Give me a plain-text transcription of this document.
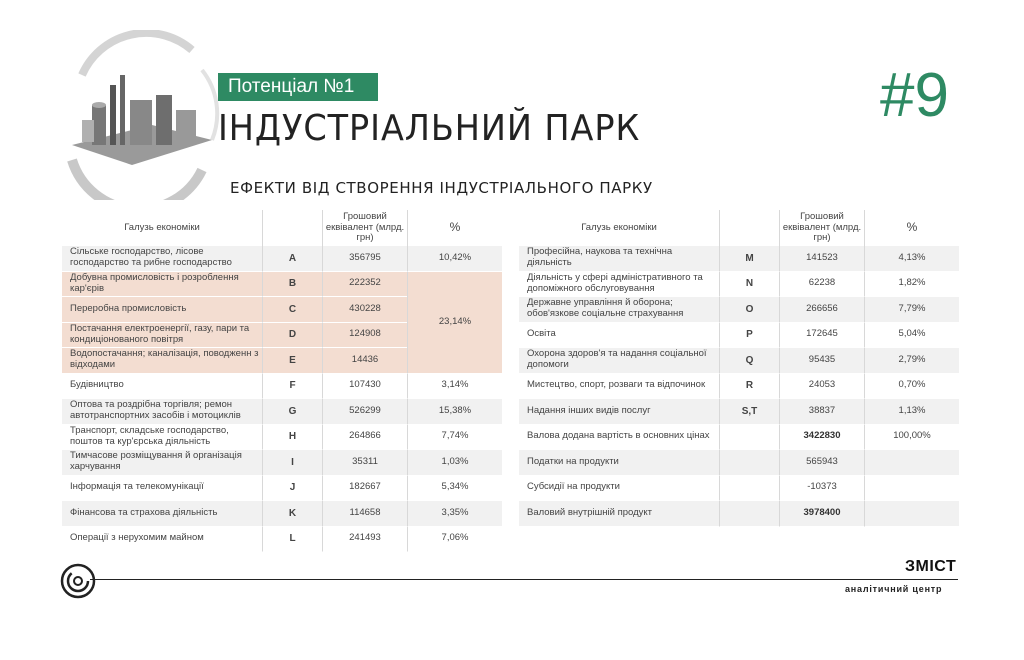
Потенціал №1
ІНДУСТРІАЛЬНИЙ ПАРК	#9
ЕФЕКТИ ВІД СТВОРЕННЯ ІНДУСТРІАЛЬНОГО ПАРКУ
Галузь економіки		Грошовий еквівалент (млрд. грн)	%
Сільське господарство, лісове господарство та рибне господарство	A	356795	10,42%
Добувна промисловість і розроблення кар'єрів	B	222352	23,14%
Переробна промисловість	C	430228	
Постачання електроенергії, газу, пари та кондиціонованого повітря	D	124908	
Водопостачання; каналізація, поводженн з відходами	E	14436	
Будівництво	F	107430	3,14%
Оптова та роздрібна торгівля; ремон автотранспортних засобів і мотоциклів	G	526299	15,38%
Транспорт, складське господарство, поштов та кур'єрська діяльність	H	264866	7,74%
Тимчасове розміщування й організація харчування	I	35311	1,03%
Інформація та телекомунікації	J	182667	5,34%
Фінансова та страхова діяльність	K	114658	3,35%
Операції з нерухомим майном	L	241493	7,06%
Галузь економіки		Грошовий еквівалент (млрд. грн)	%
Професійна, наукова та технічна діяльність	M	141523	4,13%
Діяльність у сфері адміністративного та допоміжного обслуговування	N	62238	1,82%
Державне управління й оборона; обов'язкове соціальне страхування	O	266656	7,79%
Освіта	P	172645	5,04%
Охорона здоров'я та надання соціальної допомоги	Q	95435	2,79%
Мистецтво, спорт, розваги та відпочинок	R	24053	0,70%
Надання інших видів послуг	S,T	38837	1,13%
Валова додана вартість в основних цінах		3422830	100,00%
Податки на продукти		565943	
Субсидії на продукти		-10373	
Валовий внутрішній продукт		3978400	
ЗМІСТ
аналітичний центр
